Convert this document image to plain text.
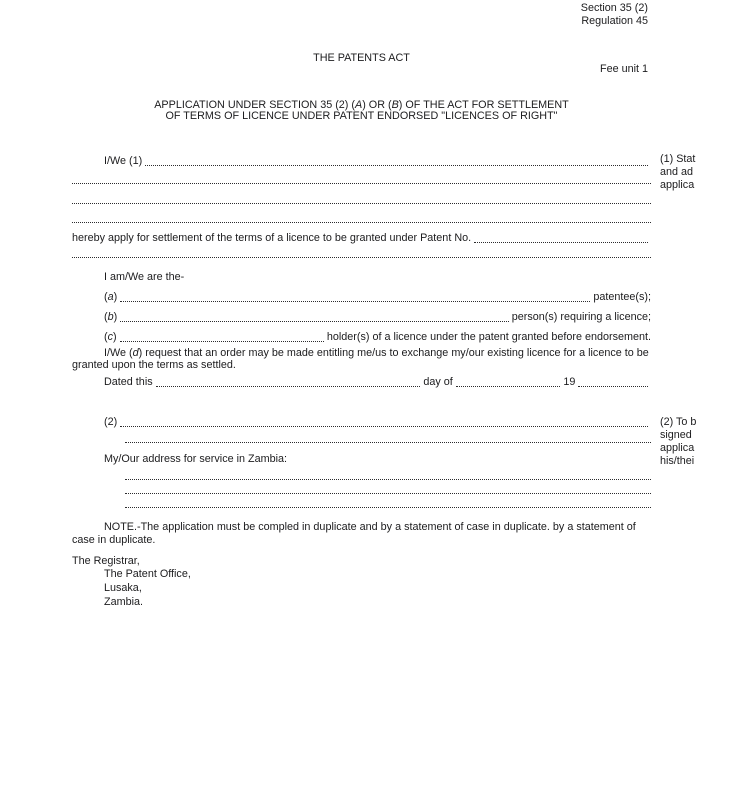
Section 35 (2)
Regulation 45
THE PATENTS ACT
Fee unit 1
APPLICATION UNDER SECTION 35 (2) (A) OR (B) OF THE ACT FOR SETTLEMENT
OF TERMS OF LICENCE UNDER PATENT ENDORSED "LICENCES OF RIGHT"
I/We (1)	(1) Stat
and ad
applica
hereby apply for settlement of the terms of a licence to be granted under Patent No.
I am/We are the-
(a)	patentee(s);
(b)	person(s) requiring a licence;
(c)	holder(s) of a licence under the patent granted before endorsement.
I/We (d) request that an order may be made entitling me/us to exchange my/our existing licence for a licence to be
granted upon the terms as settled.
Dated this	day of	19
(2)	(2) To b
signed
applica
his/thei
My/Our address for service in Zambia:
NOTE.-The application must be compled in duplicate and by a statement of case in duplicate. by a statement of
case in duplicate.
The Registrar,
The Patent Office,
Lusaka,
Zambia.
